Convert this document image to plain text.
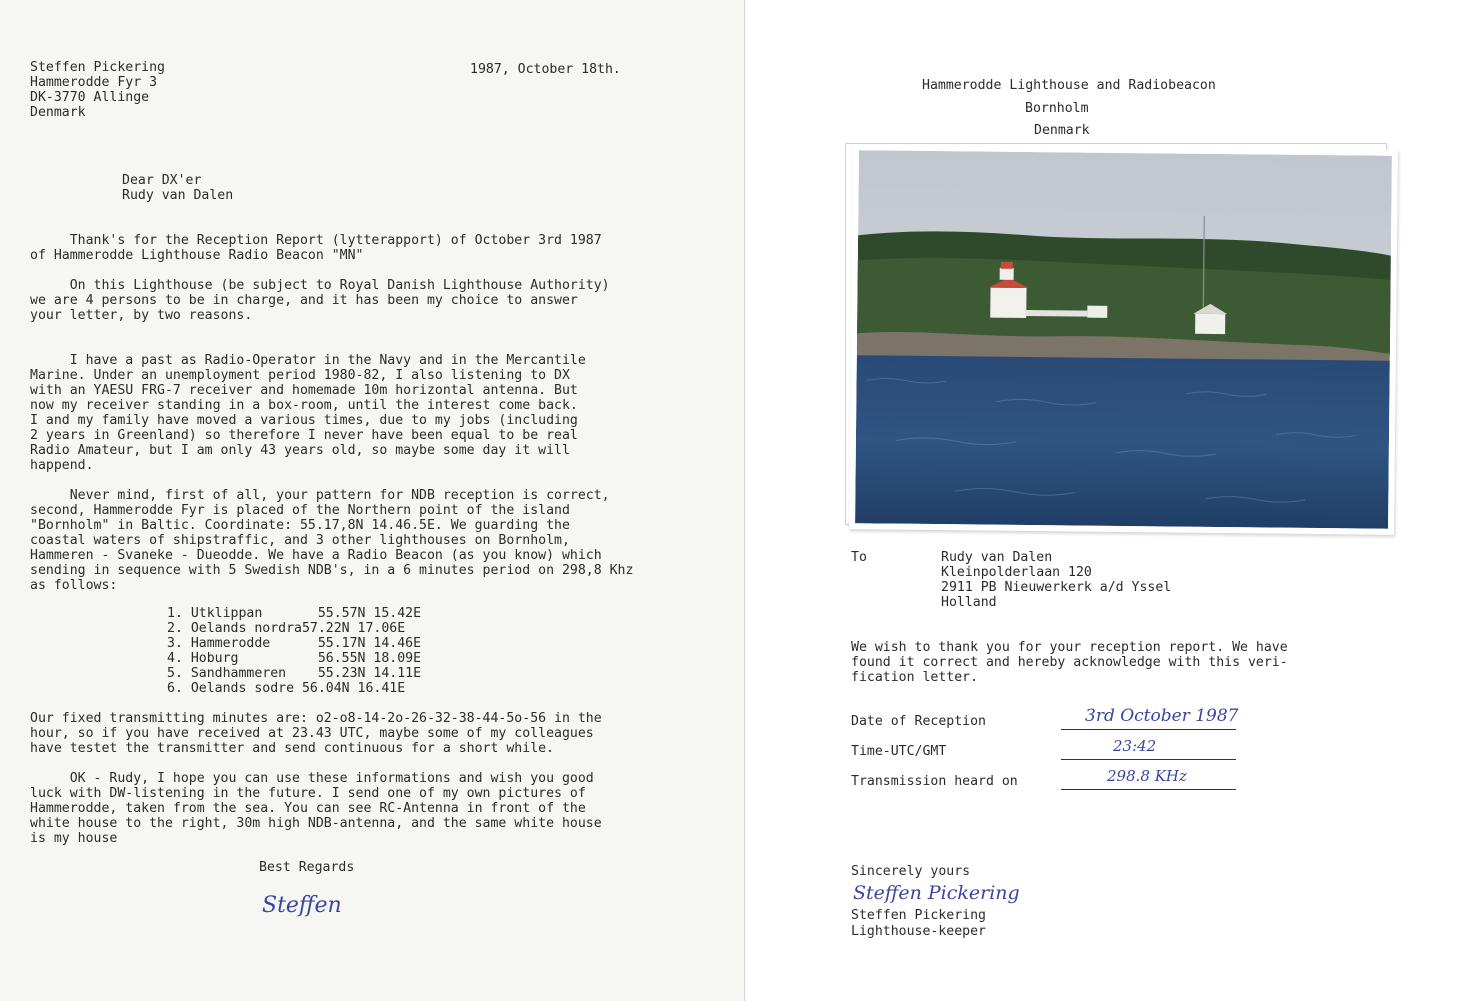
Steffen Pickering
Hammerodde Fyr 3
DK-3770 Allinge
Denmark
1987, October 18th.
Dear DX'er
Rudy van Dalen
Thank's for the Reception Report (lytterapport) of October 3rd 1987
of Hammerodde Lighthouse Radio Beacon "MN"
On this Lighthouse (be subject to Royal Danish Lighthouse Authority)
we are 4 persons to be in charge, and it has been my choice to answer
your letter, by two reasons.
I have a past as Radio-Operator in the Navy and in the Mercantile
Marine. Under an unemployment period 1980-82, I also listening to DX
with an YAESU FRG-7 receiver and homemade 10m horizontal antenna. But
now my receiver standing in a box-room, until the interest come back.
I and my family have moved a various times, due to my jobs (including
2 years in Greenland) so therefore I never have been equal to be real
Radio Amateur, but I am only 43 years old, so maybe some day it will
happend.
Never mind, first of all, your pattern for NDB reception is correct,
second, Hammerodde Fyr is placed of the Northern point of the island
"Bornholm" in Baltic. Coordinate: 55.17,8N 14.46.5E. We guarding the
coastal waters of shipstraffic, and 3 other lighthouses on Bornholm,
Hammeren - Svaneke - Dueodde. We have a Radio Beacon (as you know) which
sending in sequence with 5 Swedish NDB's, in a 6 minutes period on 298,8 Khz
as follows:
1. Utklippan       55.57N 15.42E
2. Oelands nordra57.22N 17.06E
3. Hammerodde      55.17N 14.46E
4. Hoburg          56.55N 18.09E
5. Sandhammeren    55.23N 14.11E
6. Oelands sodre 56.04N 16.41E
Our fixed transmitting minutes are: o2-o8-14-2o-26-32-38-44-5o-56 in the
hour, so if you have received at 23.43 UTC, maybe some of my colleagues
have testet the transmitter and send continuous for a short while.
OK - Rudy, I hope you can use these informations and wish you good
luck with DW-listening in the future. I send one of my own pictures of
Hammerodde, taken from the sea. You can see RC-Antenna in front of the
white house to the right, 30m high NDB-antenna, and the same white house
is my house
Best Regards
Steffen
Hammerodde Lighthouse and Radiobeacon
Bornholm
Denmark
To	Rudy van Dalen
Kleinpolderlaan 120
2911 PB Nieuwerkerk a/d Yssel
Holland
We wish to thank you for your reception report. We have
found it correct and hereby acknowledge with this veri-
fication letter.
Date of Reception	3rd October 1987
Time-UTC/GMT	23:42
Transmission heard on	298.8 KHz
Sincerely yours
Steffen Pickering
Steffen Pickering
Lighthouse-keeper
